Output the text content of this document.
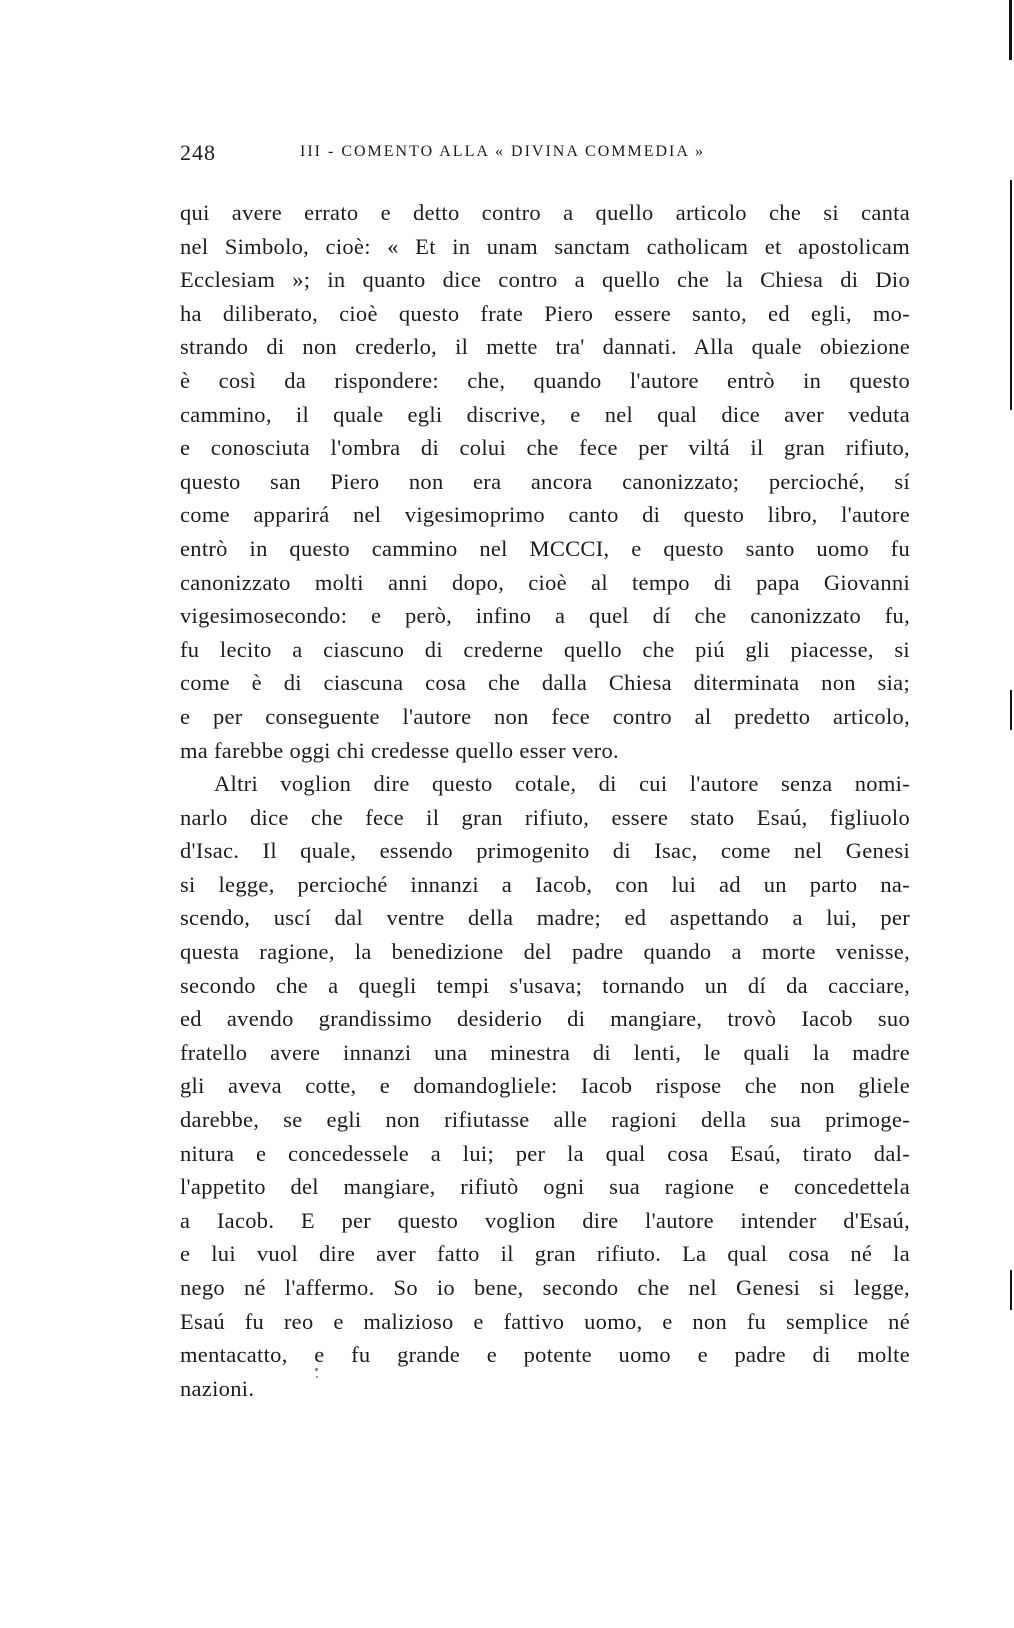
248	III - COMENTO ALLA « DIVINA COMMEDIA »
qui avere errato e detto contro a quello articolo che si canta
nel Simbolo, cioè: « Et in unam sanctam catholicam et apostolicam
Ecclesiam »; in quanto dice contro a quello che la Chiesa di Dio
ha diliberato, cioè questo frate Piero essere santo, ed egli, mo-
strando di non crederlo, il mette tra' dannati. Alla quale obiezione
è così da rispondere: che, quando l'autore entrò in questo
cammino, il quale egli discrive, e nel qual dice aver veduta
e conosciuta l'ombra di colui che fece per viltá il gran rifiuto,
questo san Piero non era ancora canonizzato; percioché, sí
come apparirá nel vigesimoprimo canto di questo libro, l'autore
entrò in questo cammino nel MCCCI, e questo santo uomo fu
canonizzato molti anni dopo, cioè al tempo di papa Giovanni
vigesimosecondo: e però, infino a quel dí che canonizzato fu,
fu lecito a ciascuno di crederne quello che piú gli piacesse, si
come è di ciascuna cosa che dalla Chiesa diterminata non sia;
e per conseguente l'autore non fece contro al predetto articolo,
ma farebbe oggi chi credesse quello esser vero.
Altri voglion dire questo cotale, di cui l'autore senza nomi-
narlo dice che fece il gran rifiuto, essere stato Esaú, figliuolo
d'Isac. Il quale, essendo primogenito di Isac, come nel Genesi
si legge, percioché innanzi a Iacob, con lui ad un parto na-
scendo, uscí dal ventre della madre; ed aspettando a lui, per
questa ragione, la benedizione del padre quando a morte venisse,
secondo che a quegli tempi s'usava; tornando un dí da cacciare,
ed avendo grandissimo desiderio di mangiare, trovò Iacob suo
fratello avere innanzi una minestra di lenti, le quali la madre
gli aveva cotte, e domandogliele: Iacob rispose che non gliele
darebbe, se egli non rifiutasse alle ragioni della sua primoge-
nitura e concedessele a lui; per la qual cosa Esaú, tirato dal-
l'appetito del mangiare, rifiutò ogni sua ragione e concedettela
a Iacob. E per questo voglion dire l'autore intender d'Esaú,
e lui vuol dire aver fatto il gran rifiuto. La qual cosa né la
nego né l'affermo. So io bene, secondo che nel Genesi si legge,
Esaú fu reo e malizioso e fattivo uomo, e non fu semplice né
mentacatto, e fu grande e potente uomo e padre di molte
nazioni.
